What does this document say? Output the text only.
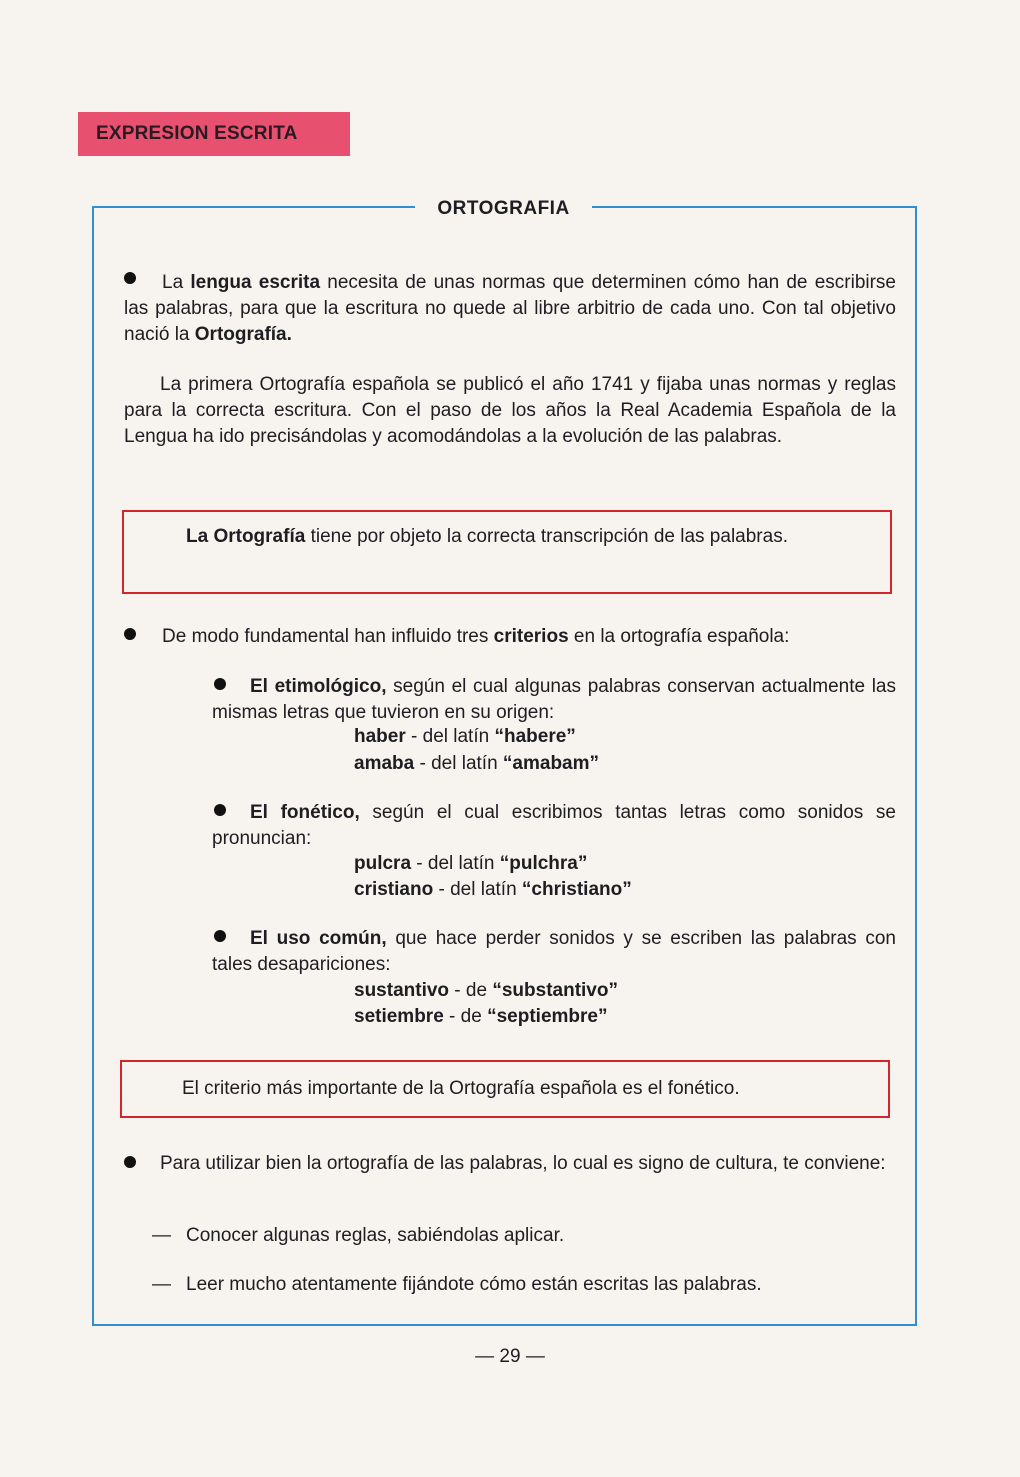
EXPRESION ESCRITA
ORTOGRAFIA
La lengua escrita necesita de unas normas que determinen cómo han de escribirse las palabras, para que la escritura no quede al libre arbitrio de cada uno. Con tal objetivo nació la Ortografía.
La primera Ortografía española se publicó el año 1741 y fijaba unas normas y reglas para la correcta escritura. Con el paso de los años la Real Academia Española de la Lengua ha ido precisándolas y acomodándolas a la evolución de las palabras.
La Ortografía tiene por objeto la correcta transcripción de las palabras.
De modo fundamental han influido tres criterios en la ortografía española:
El etimológico, según el cual algunas palabras conservan actualmente las mismas letras que tuvieron en su origen:
haber - del latín “habere”
amaba - del latín “amabam”
El fonético, según el cual escribimos tantas letras como sonidos se pronuncian:
pulcra - del latín “pulchra”
cristiano - del latín “christiano”
El uso común, que hace perder sonidos y se escriben las palabras con tales desapariciones:
sustantivo - de “substantivo”
setiembre - de “septiembre”
El criterio más importante de la Ortografía española es el fonético.
Para utilizar bien la ortografía de las palabras, lo cual es signo de cultura, te conviene:
— Conocer algunas reglas, sabiéndolas aplicar.
— Leer mucho atentamente fijándote cómo están escritas las palabras.
— 29 —
